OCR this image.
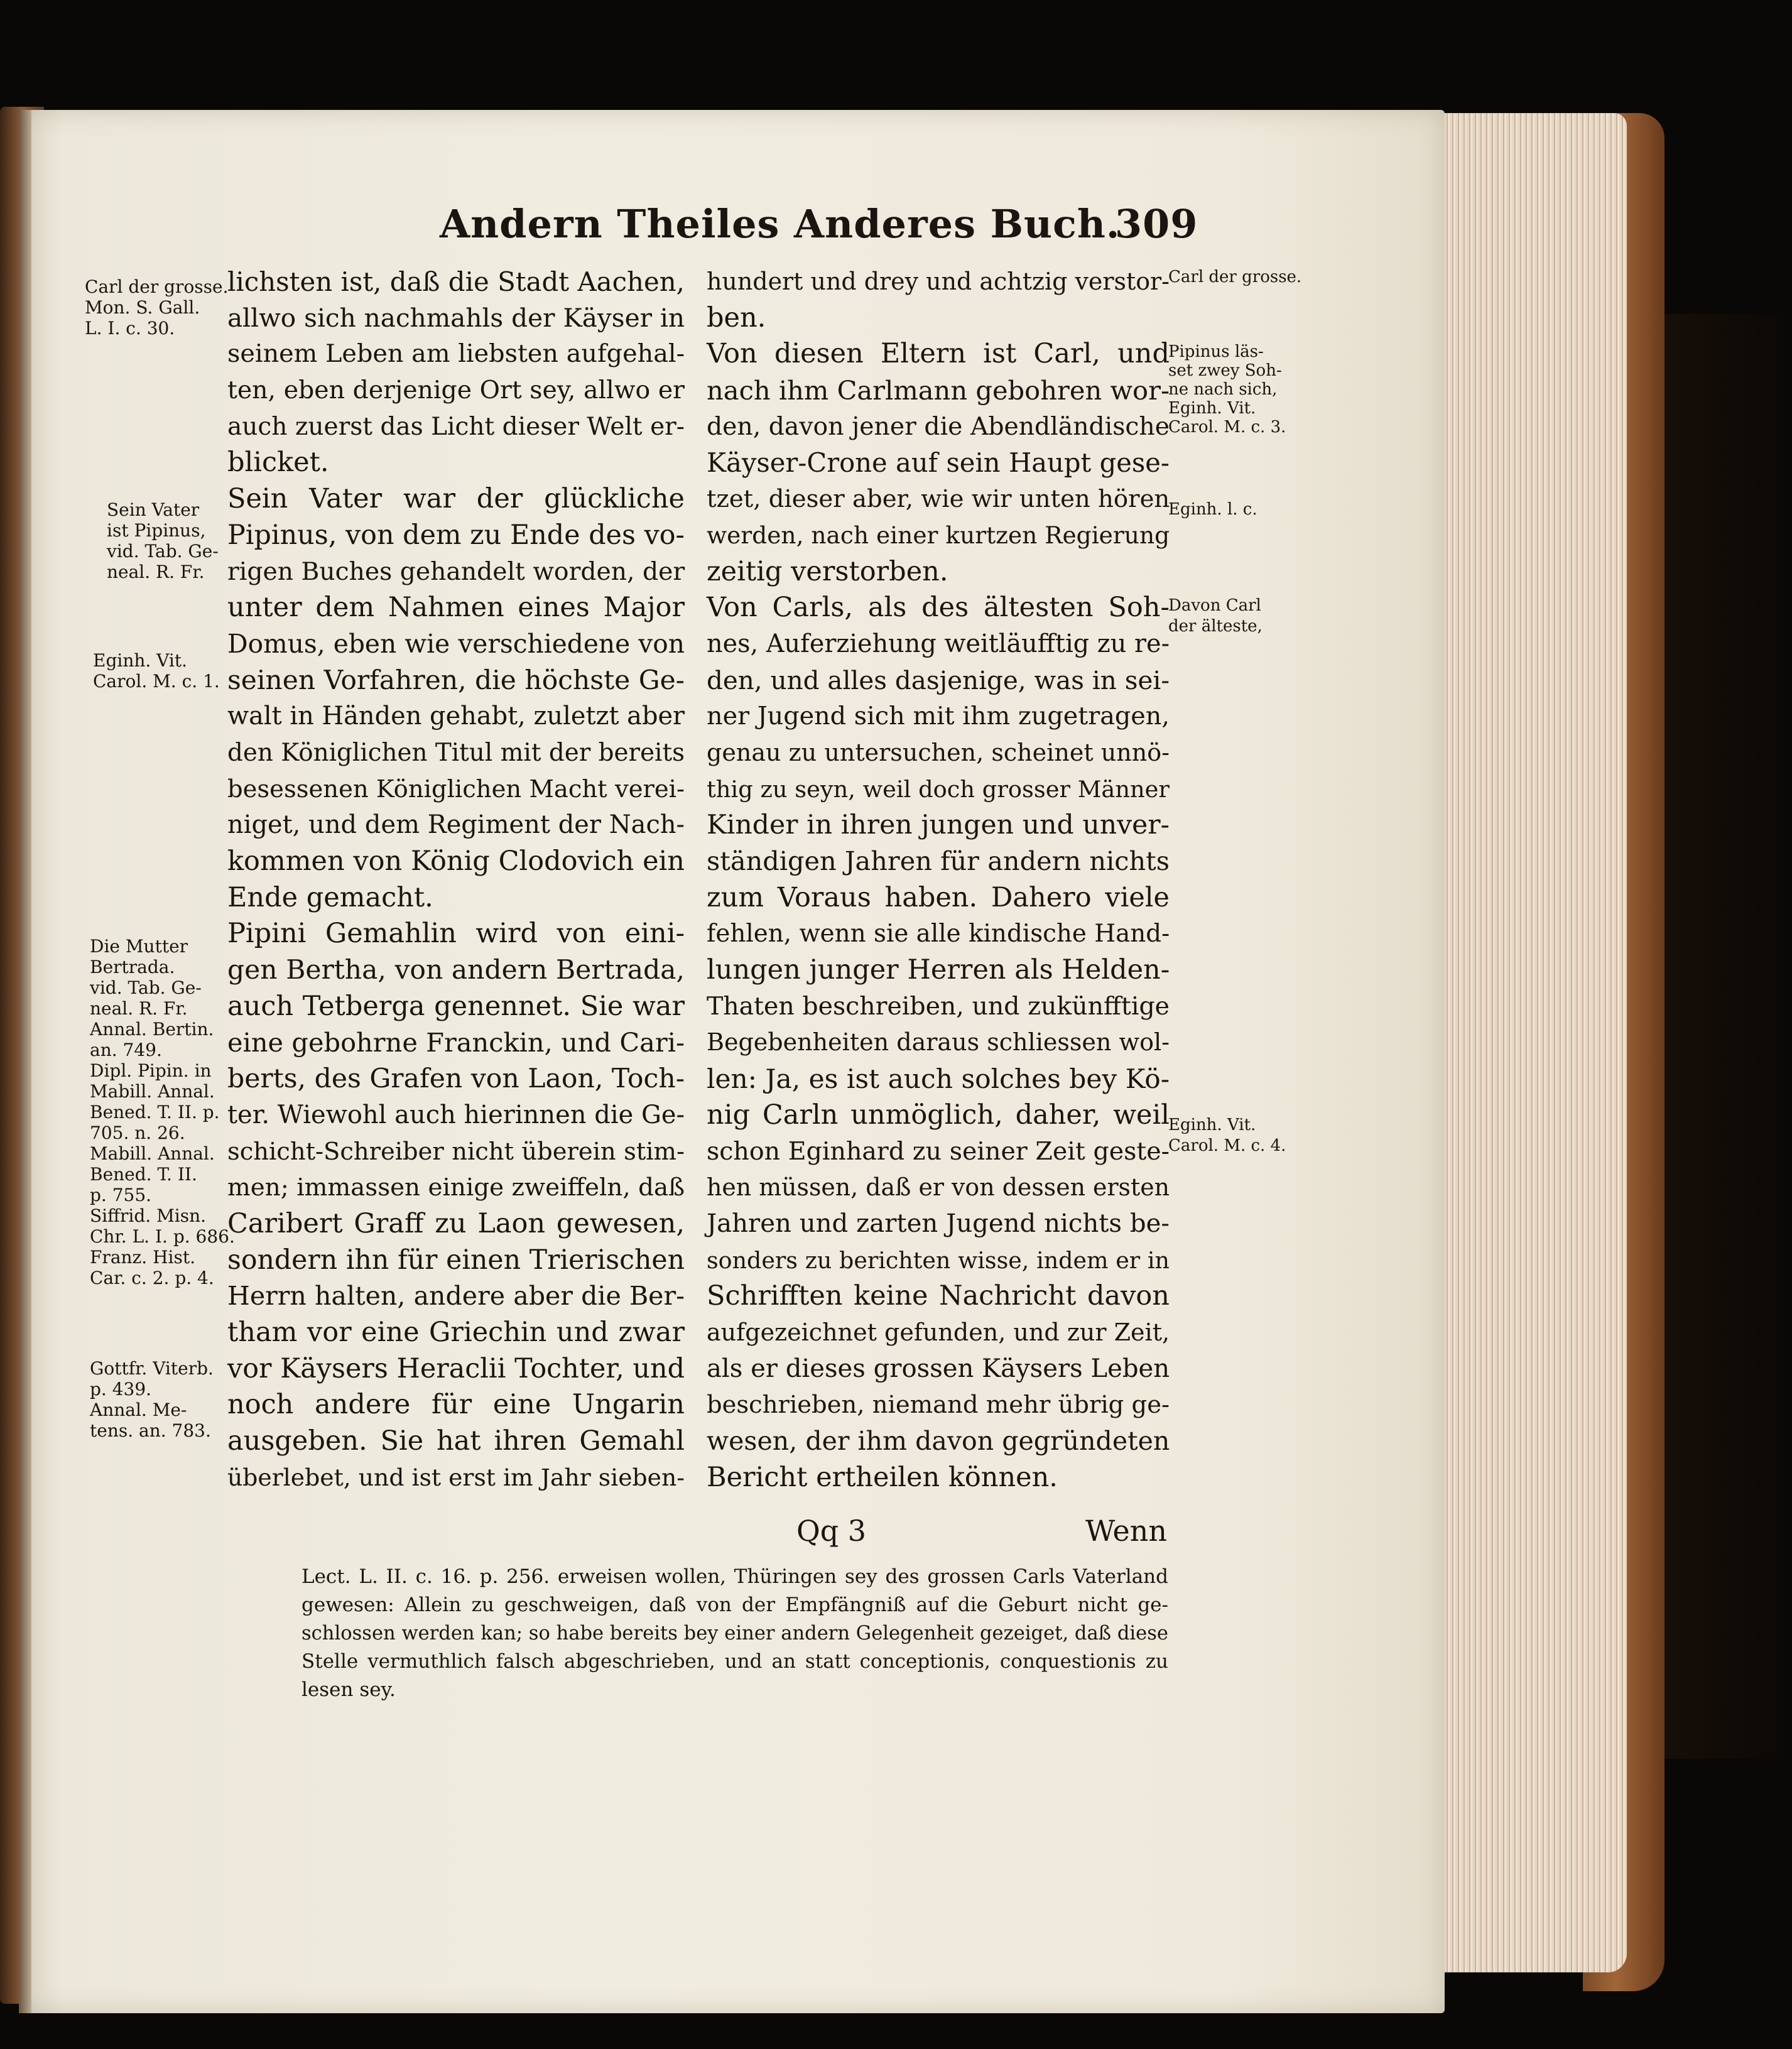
Andern Theiles Anderes Buch.
309
lichsten ist, daß die Stadt Aachen,
allwo sich nachmahls der Käyser in
seinem Leben am liebsten aufgehal-
ten, eben derjenige Ort sey, allwo er
auch zuerst das Licht dieser Welt er-
blicket.
Sein Vater war der glückliche
Pipinus, von dem zu Ende des vo-
rigen Buches gehandelt worden, der
unter dem Nahmen eines Major
Domus, eben wie verschiedene von
seinen Vorfahren, die höchste Ge-
walt in Händen gehabt, zuletzt aber
den Königlichen Titul mit der bereits
besessenen Königlichen Macht verei-
niget, und dem Regiment der Nach-
kommen von König Clodovich ein
Ende gemacht.
Pipini Gemahlin wird von eini-
gen Bertha, von andern Bertrada,
auch Tetberga genennet. Sie war
eine gebohrne Franckin, und Cari-
berts, des Grafen von Laon, Toch-
ter. Wiewohl auch hierinnen die Ge-
schicht-Schreiber nicht überein stim-
men; immassen einige zweiffeln, daß
Caribert Graff zu Laon gewesen,
sondern ihn für einen Trierischen
Herrn halten, andere aber die Ber-
tham vor eine Griechin und zwar
vor Käysers Heraclii Tochter, und
noch andere für eine Ungarin
ausgeben. Sie hat ihren Gemahl
überlebet, und ist erst im Jahr sieben-
hundert und drey und achtzig verstor-
ben.
Von diesen Eltern ist Carl, und
nach ihm Carlmann gebohren wor-
den, davon jener die Abendländische
Käyser-Crone auf sein Haupt gese-
tzet, dieser aber, wie wir unten hören
werden, nach einer kurtzen Regierung
zeitig verstorben.
Von Carls, als des ältesten Soh-
nes, Auferziehung weitläufftig zu re-
den, und alles dasjenige, was in sei-
ner Jugend sich mit ihm zugetragen,
genau zu untersuchen, scheinet unnö-
thig zu seyn, weil doch grosser Männer
Kinder in ihren jungen und unver-
ständigen Jahren für andern nichts
zum Voraus haben. Dahero viele
fehlen, wenn sie alle kindische Hand-
lungen junger Herren als Helden-
Thaten beschreiben, und zukünfftige
Begebenheiten daraus schliessen wol-
len: Ja, es ist auch solches bey Kö-
nig Carln unmöglich, daher, weil
schon Eginhard zu seiner Zeit geste-
hen müssen, daß er von dessen ersten
Jahren und zarten Jugend nichts be-
sonders zu berichten wisse, indem er in
Schrifften keine Nachricht davon
aufgezeichnet gefunden, und zur Zeit,
als er dieses grossen Käysers Leben
beschrieben, niemand mehr übrig ge-
wesen, der ihm davon gegründeten
Bericht ertheilen können.
Carl der grosse.
Mon. S. Gall.
L. I. c. 30.
Sein Vater
ist Pipinus,
vid. Tab. Ge-
neal. R. Fr.
Eginh. Vit.
Carol. M. c. 1.
Die Mutter
Bertrada.
vid. Tab. Ge-
neal. R. Fr.
Annal. Bertin.
an. 749.
Dipl. Pipin. in
Mabill. Annal.
Bened. T. II. p.
705. n. 26.
Mabill. Annal.
Bened. T. II.
p. 755.
Siffrid. Misn.
Chr. L. I. p. 686.
Franz. Hist.
Car. c. 2. p. 4.
Gottfr. Viterb.
p. 439.
Annal. Me-
tens. an. 783.
Carl der grosse.
Pipinus läs-
set zwey Soh-
ne nach sich,
Eginh. Vit.
Carol. M. c. 3.
Eginh. l. c.
Davon Carl
der älteste,
Eginh. Vit.
Carol. M. c. 4.
Qq 3	Wenn
Lect. L. II. c. 16. p. 256. erweisen wollen, Thüringen sey des grossen Carls Vaterland
gewesen: Allein zu geschweigen, daß von der Empfängniß auf die Geburt nicht ge-
schlossen werden kan; so habe bereits bey einer andern Gelegenheit gezeiget, daß diese
Stelle vermuthlich falsch abgeschrieben, und an statt conceptionis, conquestionis zu
lesen sey.
